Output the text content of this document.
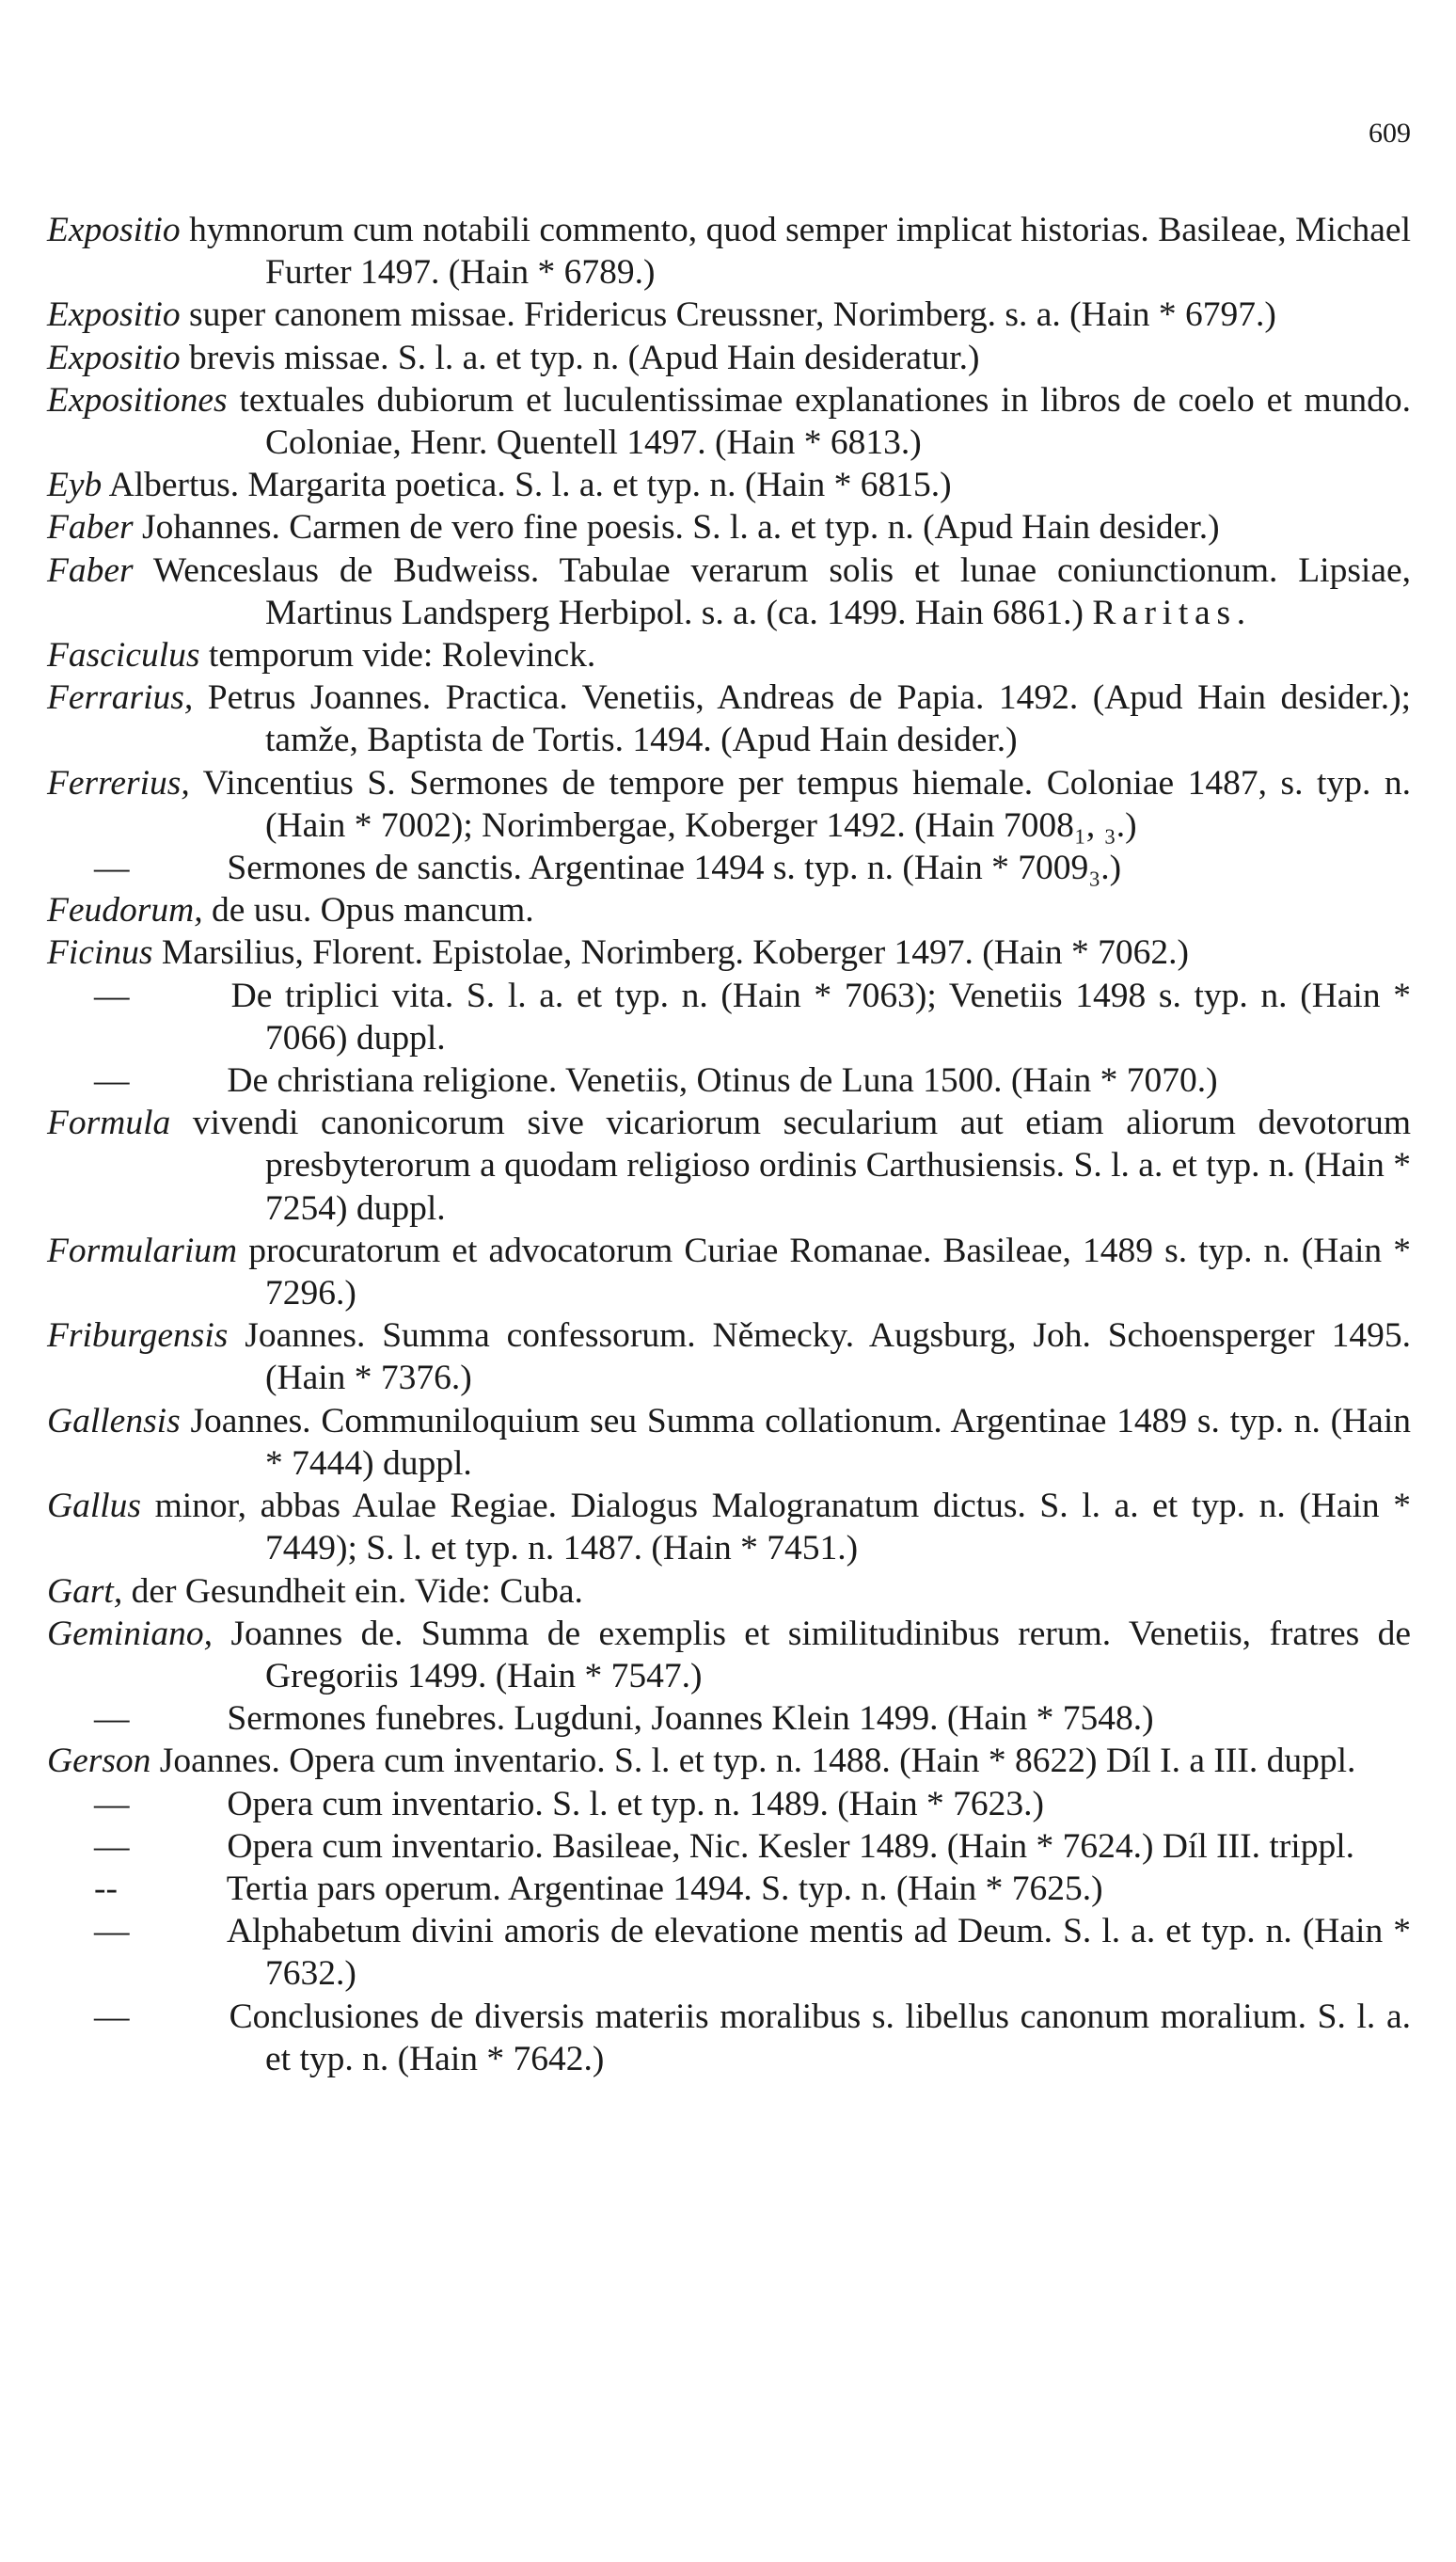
609

Expositio hymnorum cum notabili commento, quod semper implicat historias. Basileae, Michael Furter 1497. (Hain * 6789.)

Expositio super canonem missae. Fridericus Creussner, Norimberg. s. a. (Hain * 6797.)

Expositio brevis missae. S. l. a. et typ. n. (Apud Hain desideratur.)

Expositiones textuales dubiorum et luculentissimae explanationes in libros de coelo et mundo. Coloniae, Henr. Quentell 1497. (Hain * 6813.)

Eyb Albertus. Margarita poetica. S. l. a. et typ. n. (Hain * 6815.)

Faber Johannes. Carmen de vero fine poesis. S. l. a. et typ. n. (Apud Hain desider.)

Faber Wenceslaus de Budweiss. Tabulae verarum solis et lunae coniunctionum. Lipsiae, Martinus Landsperg Herbipol. s. a. (ca. 1499. Hain 6861.) Raritas.

Fasciculus temporum vide: Rolevinck.

Ferrarius, Petrus Joannes. Practica. Venetiis, Andreas de Papia. 1492. (Apud Hain desider.); tamže, Baptista de Tortis. 1494. (Apud Hain desider.)

Ferrerius, Vincentius S. Sermones de tempore per tempus hiemale. Coloniae 1487, s. typ. n. (Hain * 7002); Norimbergae, Koberger 1492. (Hain 7008₁, ₃.)

—	Sermones de sanctis. Argentinae 1494 s. typ. n. (Hain * 7009₃.)

Feudorum, de usu. Opus mancum.

Ficinus Marsilius, Florent. Epistolae, Norimberg. Koberger 1497. (Hain * 7062.)

—	De triplici vita. S. l. a. et typ. n. (Hain * 7063); Venetiis 1498 s. typ. n. (Hain * 7066) duppl.

—	De christiana religione. Venetiis, Otinus de Luna 1500. (Hain * 7070.)

Formula vivendi canonicorum sive vicariorum secularium aut etiam aliorum devotorum presbyterorum a quodam religioso ordinis Carthusiensis. S. l. a. et typ. n. (Hain * 7254) duppl.

Formularium procuratorum et advocatorum Curiae Romanae. Basileae, 1489 s. typ. n. (Hain * 7296.)

Friburgensis Joannes. Summa confessorum. Německy. Augsburg, Joh. Schoensperger 1495. (Hain * 7376.)

Gallensis Joannes. Communiloquium seu Summa collationum. Argentinae 1489 s. typ. n. (Hain * 7444) duppl.

Gallus minor, abbas Aulae Regiae. Dialogus Malogranatum dictus. S. l. a. et typ. n. (Hain * 7449); S. l. et typ. n. 1487. (Hain * 7451.)

Gart, der Gesundheit ein. Vide: Cuba.

Geminiano, Joannes de. Summa de exemplis et similitudinibus rerum. Venetiis, fratres de Gregoriis 1499. (Hain * 7547.)

—	Sermones funebres. Lugduni, Joannes Klein 1499. (Hain * 7548.)

Gerson Joannes. Opera cum inventario. S. l. et typ. n. 1488. (Hain * 8622) Díl I. a III. duppl.

—	Opera cum inventario. S. l. et typ. n. 1489. (Hain * 7623.)

—	Opera cum inventario. Basileae, Nic. Kesler 1489. (Hain * 7624.) Díl III. trippl.

--	Tertia pars operum. Argentinae 1494. S. typ. n. (Hain * 7625.)

—	Alphabetum divini amoris de elevatione mentis ad Deum. S. l. a. et typ. n. (Hain * 7632.)

—	Conclusiones de diversis materiis moralibus s. libellus canonum moralium. S. l. a. et typ. n. (Hain * 7642.)
